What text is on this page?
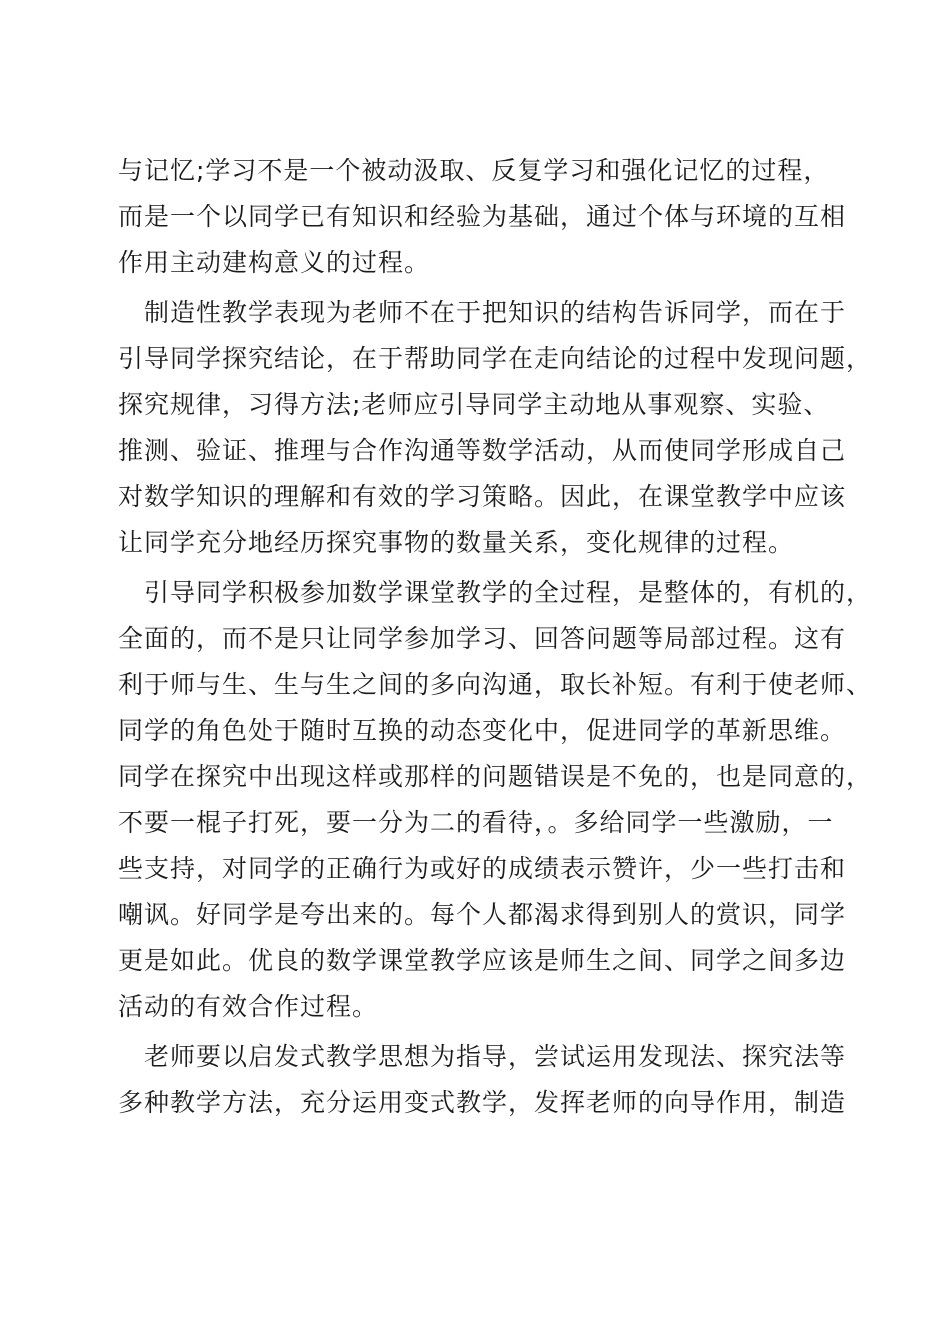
与记忆;学习不是一个被动汲取、反复学习和强化记忆的过程，
而是一个以同学已有知识和经验为基础，通过个体与环境的互相
作用主动建构意义的过程。
制造性教学表现为老师不在于把知识的结构告诉同学，而在于
引导同学探究结论，在于帮助同学在走向结论的过程中发现问题，
探究规律，习得方法;老师应引导同学主动地从事观察、实验、
推测、验证、推理与合作沟通等数学活动，从而使同学形成自己
对数学知识的理解和有效的学习策略。因此，在课堂教学中应该
让同学充分地经历探究事物的数量关系，变化规律的过程。
引导同学积极参加数学课堂教学的全过程，是整体的，有机的，
全面的，而不是只让同学参加学习、回答问题等局部过程。这有
利于师与生、生与生之间的多向沟通，取长补短。有利于使老师、
同学的角色处于随时互换的动态变化中，促进同学的革新思维。
同学在探究中出现这样或那样的问题错误是不免的，也是同意的，
不要一棍子打死，要一分为二的看待，。多给同学一些激励，一
些支持，对同学的正确行为或好的成绩表示赞许，少一些打击和
嘲讽。好同学是夸出来的。每个人都渴求得到别人的赏识，同学
更是如此。优良的数学课堂教学应该是师生之间、同学之间多边
活动的有效合作过程。
老师要以启发式教学思想为指导，尝试运用发现法、探究法等
多种教学方法，充分运用变式教学，发挥老师的向导作用，制造
